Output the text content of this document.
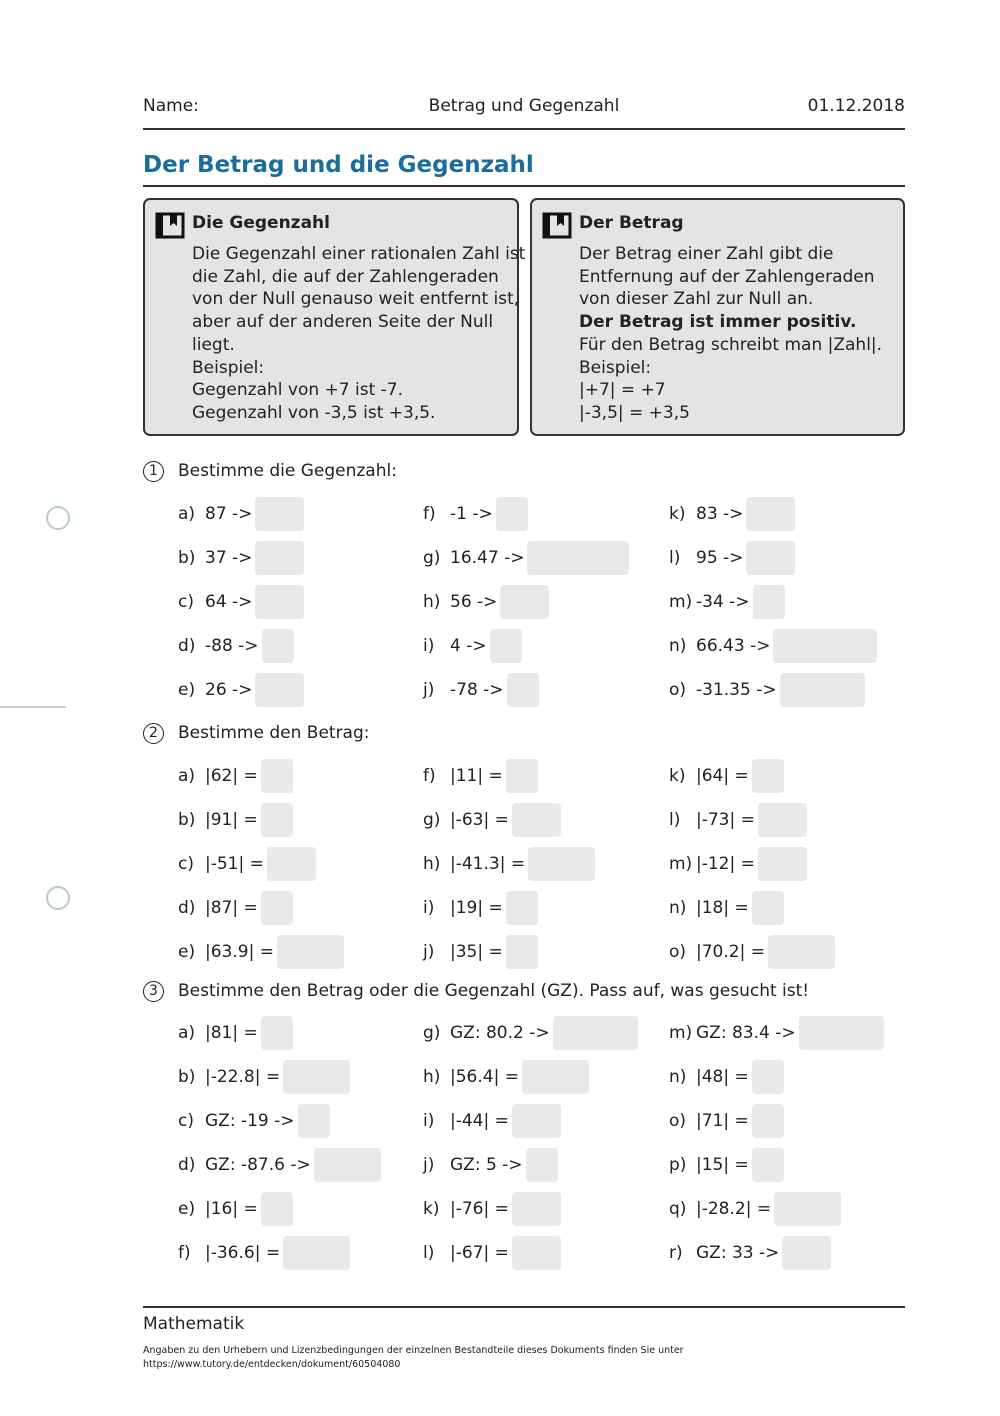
Betrag und Gegenzahl
Name:	01.12.2018
Der Betrag und die Gegenzahl
Die Gegenzahl
Die Gegenzahl einer rationalen Zahl ist
die Zahl, die auf der Zahlengeraden
von der Null genauso weit entfernt ist,
aber auf der anderen Seite der Null
liegt.
Beispiel:
Gegenzahl von +7 ist -7.
Gegenzahl von -3,5 ist +3,5.
Der Betrag
Der Betrag einer Zahl gibt die
Entfernung auf der Zahlengeraden
von dieser Zahl zur Null an.
Der Betrag ist immer positiv.
Für den Betrag schreibt man |Zahl|.
Beispiel:
|+7| = +7
|-3,5| = +3,5
1	Bestimme die Gegenzahl:
a) 87 ->
b) 37 ->
c) 64 ->
d) -88 ->
e) 26 ->
f) -1 ->
g) 16.47 ->
h) 56 ->
i) 4 ->
j) -78 ->
k) 83 ->
l) 95 ->
m) -34 ->
n) 66.43 ->
o) -31.35 ->
2	Bestimme den Betrag:
a) |62| =
b) |91| =
c) |-51| =
d) |87| =
e) |63.9| =
f) |11| =
g) |-63| =
h) |-41.3| =
i) |19| =
j) |35| =
k) |64| =
l) |-73| =
m) |-12| =
n) |18| =
o) |70.2| =
3	Bestimme den Betrag oder die Gegenzahl (GZ). Pass auf, was gesucht ist!
a) |81| =
b) |-22.8| =
c) GZ: -19 ->
d) GZ: -87.6 ->
e) |16| =
f) |-36.6| =
g) GZ: 80.2 ->
h) |56.4| =
i) |-44| =
j) GZ: 5 ->
k) |-76| =
l) |-67| =
m) GZ: 83.4 ->
n) |48| =
o) |71| =
p) |15| =
q) |-28.2| =
r) GZ: 33 ->
Mathematik
Angaben zu den Urhebern und Lizenzbedingungen der einzelnen Bestandteile dieses Dokuments finden Sie unter
https://www.tutory.de/entdecken/dokument/60504080
